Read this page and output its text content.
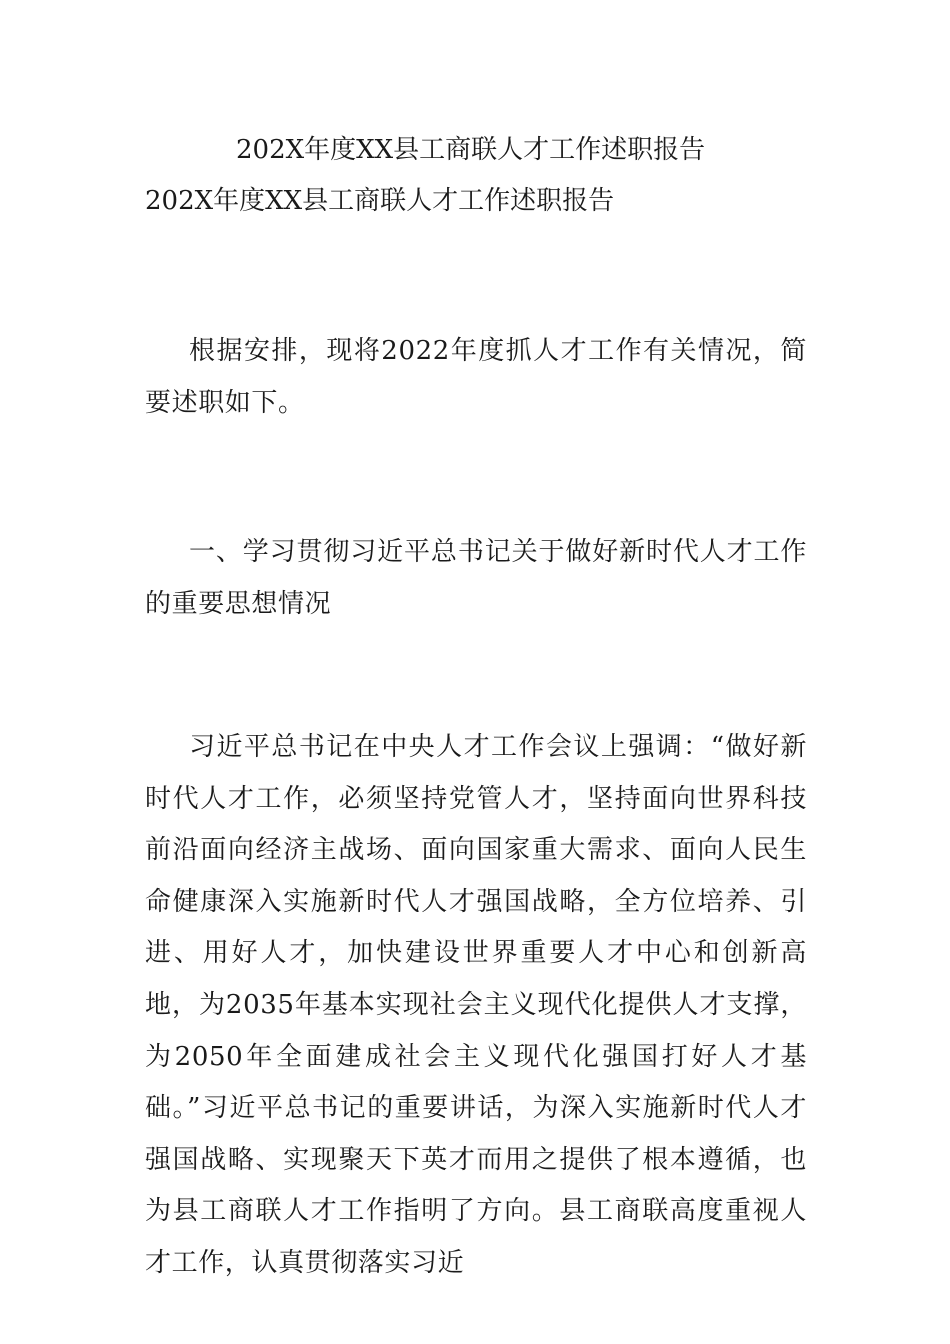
202X年度XX县工商联人才工作述职报告
202X年度XX县工商联人才工作述职报告

根据安排，现将2022年度抓人才工作有关情况，简要述职如下。

一、学习贯彻习近平总书记关于做好新时代人才工作的重要思想情况

习近平总书记在中央人才工作会议上强调：“做好新时代人才工作，必须坚持党管人才，坚持面向世界科技前沿面向经济主战场、面向国家重大需求、面向人民生命健康深入实施新时代人才强国战略，全方位培养、引进、用好人才，加快建设世界重要人才中心和创新高地，为2035年基本实现社会主义现代化提供人才支撑，为2050年全面建成社会主义现代化强国打好人才基础。”习近平总书记的重要讲话，为深入实施新时代人才强国战略、实现聚天下英才而用之提供了根本遵循，也为县工商联人才工作指明了方向。县工商联高度重视人才工作，认真贯彻落实习近
